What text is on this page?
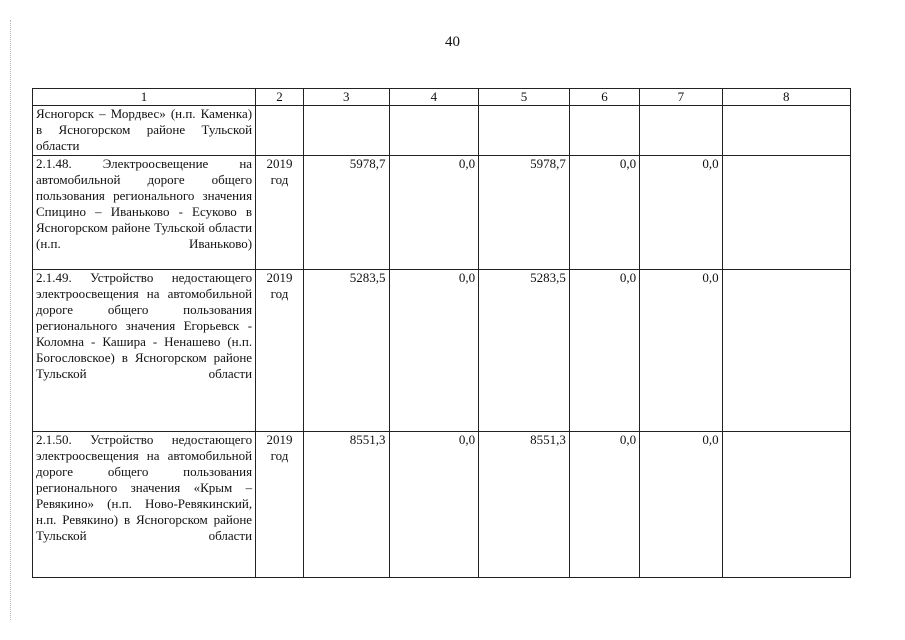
40
1	2	3	4	5	6	7	8
Ясногорск – Мордвес» (н.п. Каменка) в Ясногорском районе Тульской области							
2.1.48. Электроосвещение на автомобильной дороге общего пользования регионального значения Спицино – Иваньково - Есуково в Ясногорском районе Тульской области (н.п. Иваньково)	2019 год	5978,7	0,0	5978,7	0,0	0,0	
2.1.49. Устройство недостающего электроосвещения на автомобильной дороге общего пользования регионального значения Егорьевск - Коломна - Кашира - Ненашево (н.п. Богословское) в Ясногорском районе Тульской области	2019 год	5283,5	0,0	5283,5	0,0	0,0	
2.1.50. Устройство недостающего электроосвещения на автомобильной дороге общего пользования регионального значения «Крым – Ревякино» (н.п. Ново-Ревякинский, н.п. Ревякино) в Ясногорском районе Тульской области	2019 год	8551,3	0,0	8551,3	0,0	0,0	
